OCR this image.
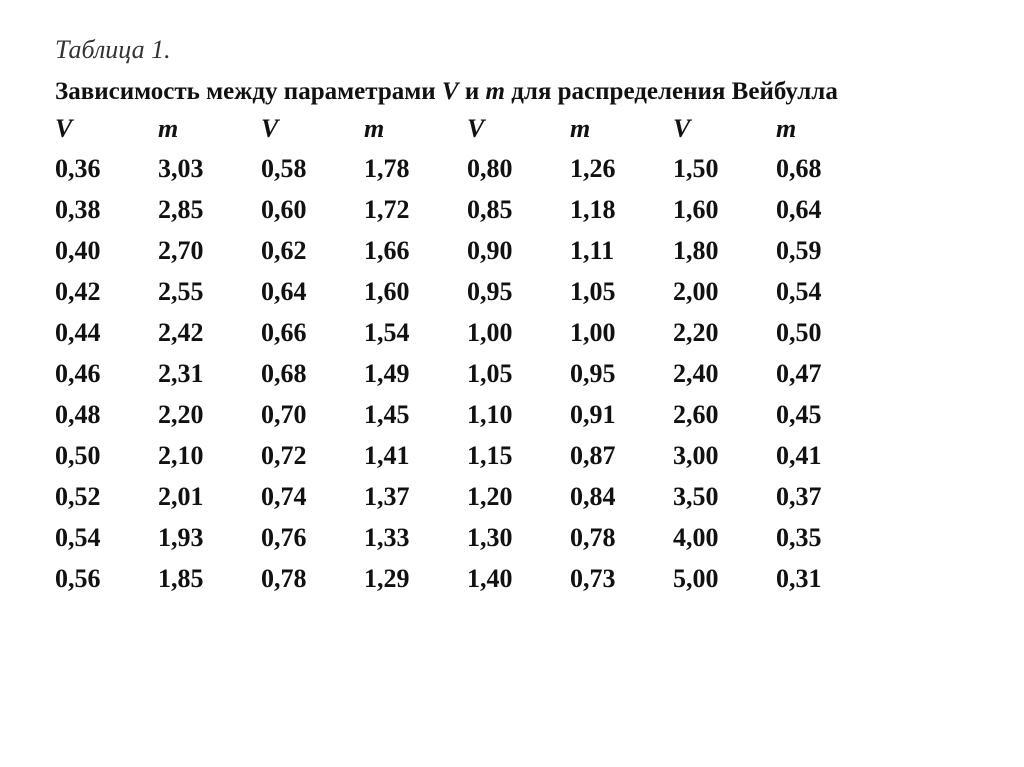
Таблица 1.

Зависимость между параметрами V и m для распределения Вейбулла

V	m	V	m	V	m	V	m
0,36	3,03	0,58	1,78	0,80	1,26	1,50	0,68
0,38	2,85	0,60	1,72	0,85	1,18	1,60	0,64
0,40	2,70	0,62	1,66	0,90	1,11	1,80	0,59
0,42	2,55	0,64	1,60	0,95	1,05	2,00	0,54
0,44	2,42	0,66	1,54	1,00	1,00	2,20	0,50
0,46	2,31	0,68	1,49	1,05	0,95	2,40	0,47
0,48	2,20	0,70	1,45	1,10	0,91	2,60	0,45
0,50	2,10	0,72	1,41	1,15	0,87	3,00	0,41
0,52	2,01	0,74	1,37	1,20	0,84	3,50	0,37
0,54	1,93	0,76	1,33	1,30	0,78	4,00	0,35
0,56	1,85	0,78	1,29	1,40	0,73	5,00	0,31
